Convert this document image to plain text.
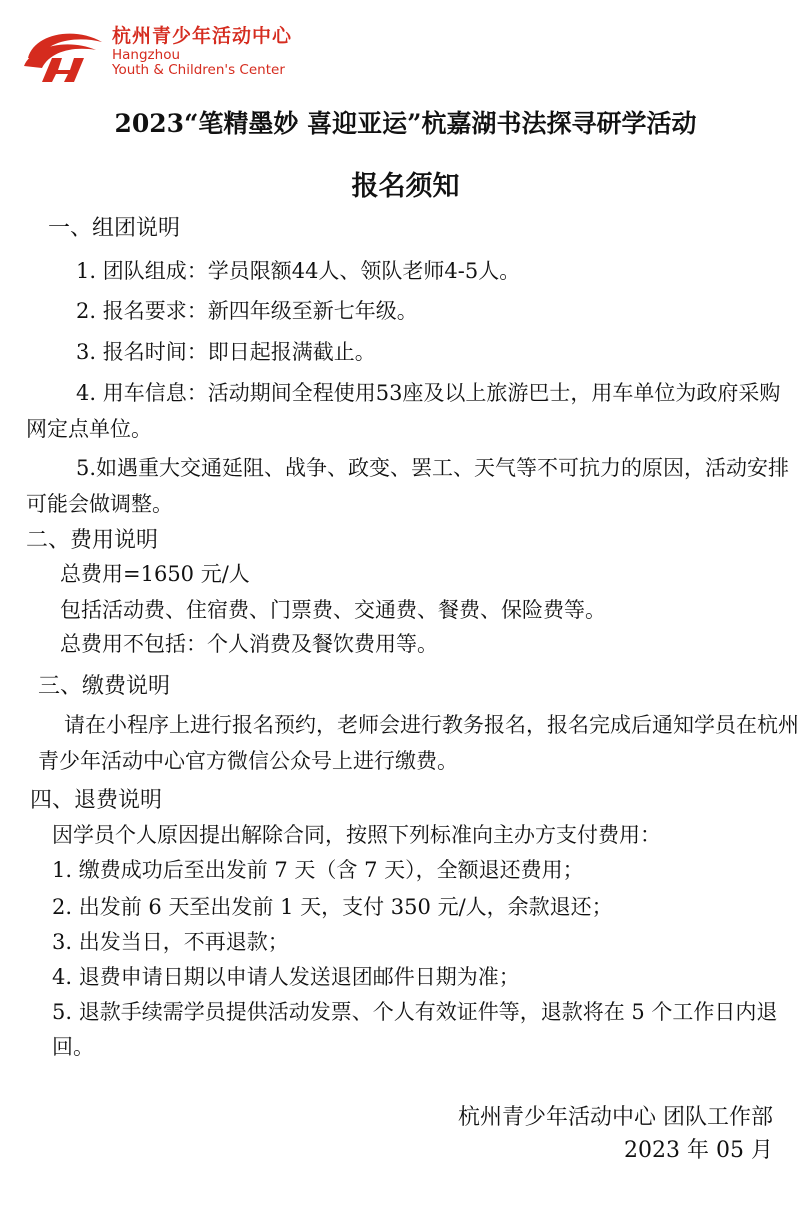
杭州青少年活动中心
Hangzhou
Youth & Children's Center
2023“笔精墨妙 喜迎亚运”杭嘉湖书法探寻研学活动
报名须知
一、组团说明
1. 团队组成：学员限额44人、领队老师4-5人。
2. 报名要求：新四年级至新七年级。
3. 报名时间：即日起报满截止。
4. 用车信息：活动期间全程使用53座及以上旅游巴士，用车单位为政府采购网定点单位。
5.如遇重大交通延阻、战争、政变、罢工、天气等不可抗力的原因，活动安排可能会做调整。
二、费用说明
总费用=1650 元/人
包括活动费、住宿费、门票费、交通费、餐费、保险费等。
总费用不包括：个人消费及餐饮费用等。
三、缴费说明
请在小程序上进行报名预约，老师会进行教务报名，报名完成后通知学员在杭州青少年活动中心官方微信公众号上进行缴费。
四、退费说明
因学员个人原因提出解除合同，按照下列标准向主办方支付费用：
1. 缴费成功后至出发前 7 天（含 7 天），全额退还费用；
2. 出发前 6 天至出发前 1 天，支付 350 元/人，余款退还；
3. 出发当日，不再退款；
4. 退费申请日期以申请人发送退团邮件日期为准；
5. 退款手续需学员提供活动发票、个人有效证件等，退款将在 5 个工作日内退回。
杭州青少年活动中心 团队工作部
2023 年 05 月
